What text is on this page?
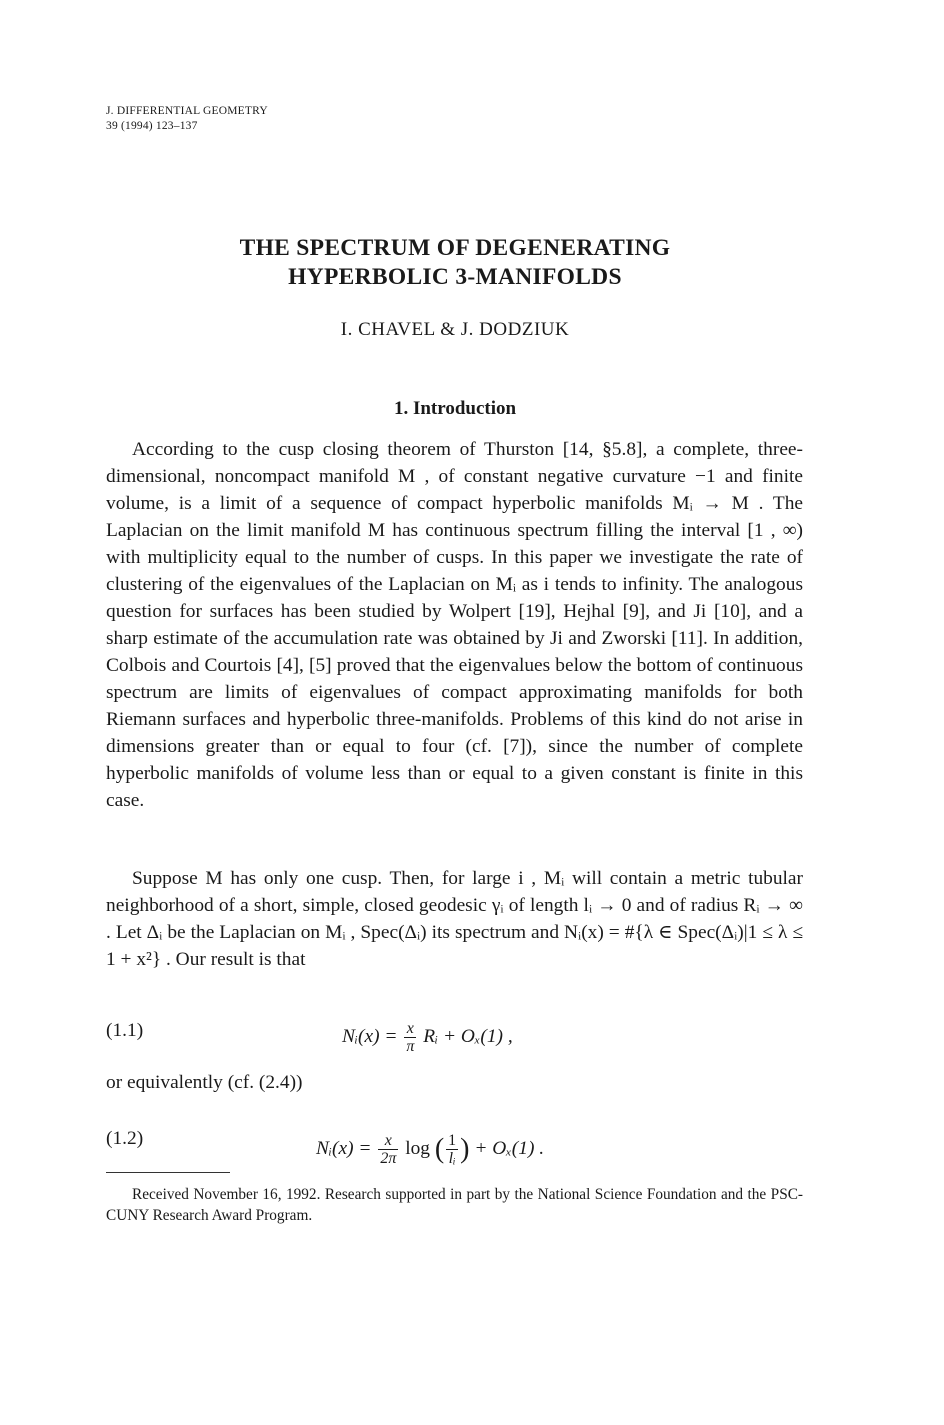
J. DIFFERENTIAL GEOMETRY
39 (1994) 123–137
THE SPECTRUM OF DEGENERATING
HYPERBOLIC 3-MANIFOLDS
I. CHAVEL & J. DODZIUK
1. Introduction

According to the cusp closing theorem of Thurston [14, §5.8], a complete, three-dimensional, noncompact manifold M , of constant negative curvature −1 and finite volume, is a limit of a sequence of compact hyperbolic manifolds Mᵢ → M . The Laplacian on the limit manifold M has continuous spectrum filling the interval [1 , ∞) with multiplicity equal to the number of cusps. In this paper we investigate the rate of clustering of the eigenvalues of the Laplacian on Mᵢ as i tends to infinity. The analogous question for surfaces has been studied by Wolpert [19], Hejhal [9], and Ji [10], and a sharp estimate of the accumulation rate was obtained by Ji and Zworski [11]. In addition, Colbois and Courtois [4], [5] proved that the eigenvalues below the bottom of continuous spectrum are limits of eigenvalues of compact approximating manifolds for both Riemann surfaces and hyperbolic three-manifolds. Problems of this kind do not arise in dimensions greater than or equal to four (cf. [7]), since the number of complete hyperbolic manifolds of volume less than or equal to a given constant is finite in this case.

Suppose M has only one cusp. Then, for large i , Mᵢ will contain a metric tubular neighborhood of a short, simple, closed geodesic γᵢ of length lᵢ → 0 and of radius Rᵢ → ∞ . Let Δᵢ be the Laplacian on Mᵢ , Spec(Δᵢ) its spectrum and Nᵢ(x) = #{λ ∈ Spec(Δᵢ)|1 ≤ λ ≤ 1 + x²} . Our result is that

(1.1)	Nᵢ(x) = $\frac{x}{\pi}$ Rᵢ + Oₓ(1) ,

or equivalently (cf. (2.4))

(1.2)	Nᵢ(x) = $\frac{x}{2\pi}$ log ( $\frac{1}{\text{lᵢ}}$ ) + Oₓ(1) .

Received November 16, 1992. Research supported in part by the National Science Foundation and the PSC-CUNY Research Award Program.
